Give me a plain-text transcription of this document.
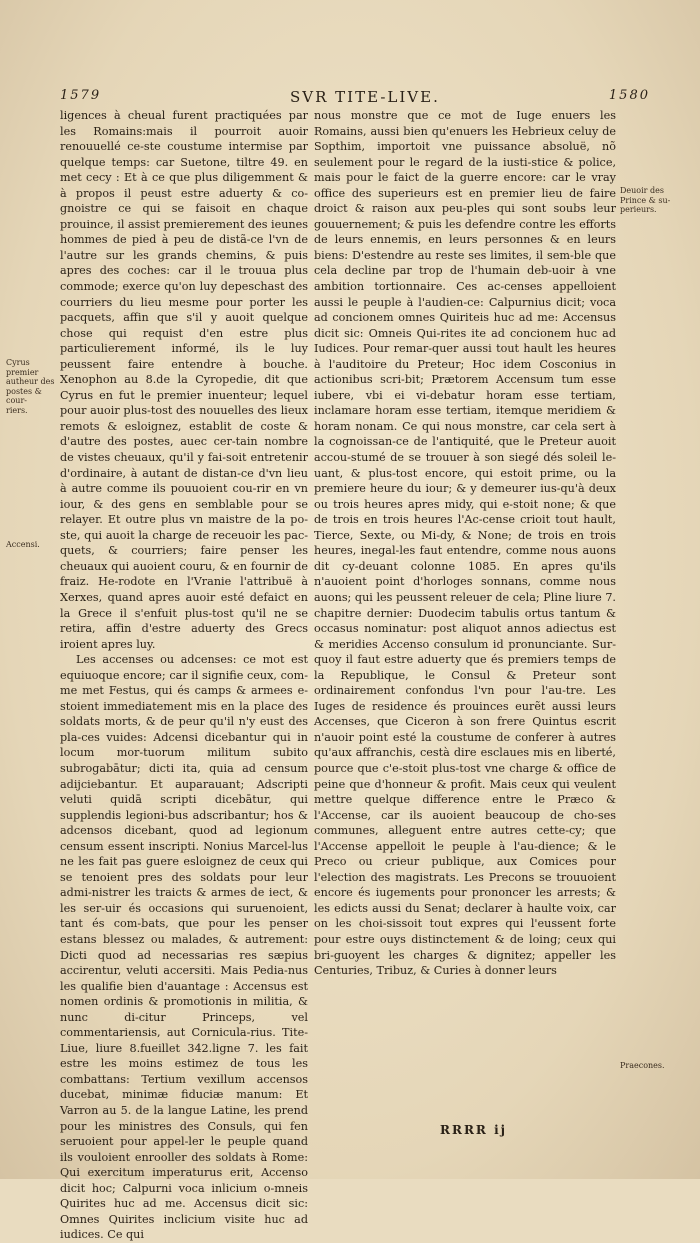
1579	SVR TITE-LIVE.	1580
Cyrus premier
autheur des
postes & cour-
riers.
Accensi.
Deuoir des
Prince & su-
perieurs.
Praecones.

ligences à cheual furent practiquées par les Romains:mais il pourroit auoir renouuellé ce-ste coustume intermise par quelque temps: car Suetone, tiltre 49. en met cecy : Et à ce que plus diligemment & à propos il peust estre aduerty & co-gnoistre ce qui se faisoit en chaque prouince, il assist premierement des ieunes hommes de pied à peu de distã-ce l'vn de l'autre sur les grands chemins, & puis apres des coches: car il le trouua plus commode; exerce qu'on luy depeschast des courriers du lieu mesme pour porter les pacquets, affin que s'il y auoit quelque chose qui requist d'en estre plus particulierement informé, ils le luy peussent faire entendre à bouche. Xenophon au 8.de la Cyropedie, dit que Cyrus en fut le premier inuenteur; lequel pour auoir plus-tost des nouuelles des lieux remots & esloignez, establit de coste & d'autre des postes, auec cer-tain nombre de vistes cheuaux, qu'il y fai-soit entretenir d'ordinaire, à autant de distan-ce d'vn lieu à autre comme ils pouuoient cou-rir en vn iour, & des gens en semblable pour se relayer. Et outre plus vn maistre de la po-ste, qui auoit la charge de receuoir les pac-quets, & courriers; faire penser les cheuaux qui auoient couru, & en fournir de fraiz. He-rodote en l'Vranie l'attribuë à Xerxes, quand apres auoir esté defaict en la Grece il s'enfuit plus-tost qu'il ne se retira, affin d'estre aduerty des Grecs iroient apres luy.

Les accenses ou adcenses: ce mot est equiuoque encore; car il signifie ceux, com-me met Festus, qui és camps & armees e-stoient immediatement mis en la place des soldats morts, & de peur qu'il n'y eust des pla-ces vuides: Adcensi dicebantur qui in locum mor-tuorum militum subito subrogabātur; dicti ita, quia ad censum adijciebantur. Et auparauant; Adscripti veluti quidā scripti dicebātur, qui supplendis legioni-bus adscribantur; hos & adcensos dicebant, quod ad legionum censum essent inscripti. Nonius Marcel-lus ne les fait pas guere esloignez de ceux qui se tenoient pres des soldats pour leur admi-nistrer les traicts & armes de iect, & les ser-uir és occasions qui suruenoient, tant és com-bats, que pour les penser estans blessez ou malades, & autrement: Dicti quod ad necessarias res sæpius accirentur, veluti accersiti. Mais Pedia-nus les qualifie bien d'auantage : Accensus est nomen ordinis & promotionis in militia, & nunc di-citur Princeps, vel commentariensis, aut Cornicula-rius. Tite-Liue, liure 8.fueillet 342.ligne 7. les fait estre les moins estimez de tous les combattans: Tertium vexillum accensos ducebat, minimæ fiduciæ manum: Et Varron au 5. de la langue Latine, les prend pour les ministres des Consuls, qui fen seruoient pour appel-ler le peuple quand ils vouloient enrooller des soldats à Rome: Qui exercitum imperaturus erit, Accenso dicit hoc; Calpurni voca inlicium o-mneis Quirites huc ad me. Accensus dicit sic: Omnes Quirites inclicium visite huc ad iudices. Ce qui

nous monstre que ce mot de Iuge enuers les Romains, aussi bien qu'enuers les Hebrieux celuy de Sopthim, importoit vne puissance absoluë, nõ seulement pour le regard de la iusti-stice & police, mais pour le faict de la guerre encore: car le vray office des superieurs est en premier lieu de faire droict & raison aux peu-ples qui sont soubs leur gouuernement; & puis les defendre contre les efforts de leurs ennemis, en leurs personnes & en leurs biens: D'estendre au reste ses limites, il sem-ble que cela decline par trop de l'humain deb-uoir à vne ambition tortionnaire. Ces ac-censes appelloient aussi le peuple à l'audien-ce: Calpurnius dicit; voca ad concionem omnes Quiriteis huc ad me: Accensus dicit sic: Omneis Qui-rites ite ad concionem huc ad Iudices. Pour remar-quer aussi tout hault les heures à l'auditoire du Preteur; Hoc idem Cosconius in actionibus scri-bit; Prætorem Accensum tum esse iubere, vbi ei vi-debatur horam esse tertiam, inclamare horam esse tertiam, itemque meridiem & horam nonam. Ce qui nous monstre, car cela sert à la cognoissan-ce de l'antiquité, que le Preteur auoit accou-stumé de se trouuer à son siegé dés soleil le-uant, & plus-tost encore, qui estoit prime, ou la premiere heure du iour; & y demeurer ius-qu'à deux ou trois heures apres midy, qui e-stoit none; & que de trois en trois heures l'Ac-cense crioit tout hault, Tierce, Sexte, ou Mi-dy, & None; de trois en trois heures, inegal-les faut entendre, comme nous auons dit cy-deuant colonne 1085. En apres qu'ils n'auoient point d'horloges sonnans, comme nous auons; qui les peussent releuer de cela; Pline liure 7. chapitre dernier: Duodecim tabulis ortus tantum & occasus nominatur: post aliquot annos adiectus est & meridies Accenso consulum id pronunciante. Sur-quoy il faut estre aduerty que és premiers temps de la Republique, le Consul & Preteur sont ordinairement confondus l'vn pour l'au-tre. Les Iuges de residence és prouinces eurẽt aussi leurs Accenses, que Ciceron à son frere Quintus escrit n'auoir point esté la coustume de conferer à autres qu'aux affranchis, cestà dire esclaues mis en liberté, pource que c'e-stoit plus-tost vne charge & office de peine que d'honneur & profit. Mais ceux qui veulent mettre quelque difference entre le Præco & l'Accense, car ils auoient beaucoup de cho-ses communes, alleguent entre autres cette-cy; que l'Accense appelloit le peuple à l'au-dience; & le Preco ou crieur publique, aux Comices pour l'election des magistrats. Les Precons se trouuoient encore és iugements pour prononcer les arrests; & les edicts aussi du Senat; declarer à haulte voix, car on les choi-sissoit tout expres qui l'eussent forte pour estre ouys distinctement & de loing; ceux qui bri-guoyent les charges & dignitez; appeller les Centuries, Tribuz, & Curies à donner leurs

RRRR ij
